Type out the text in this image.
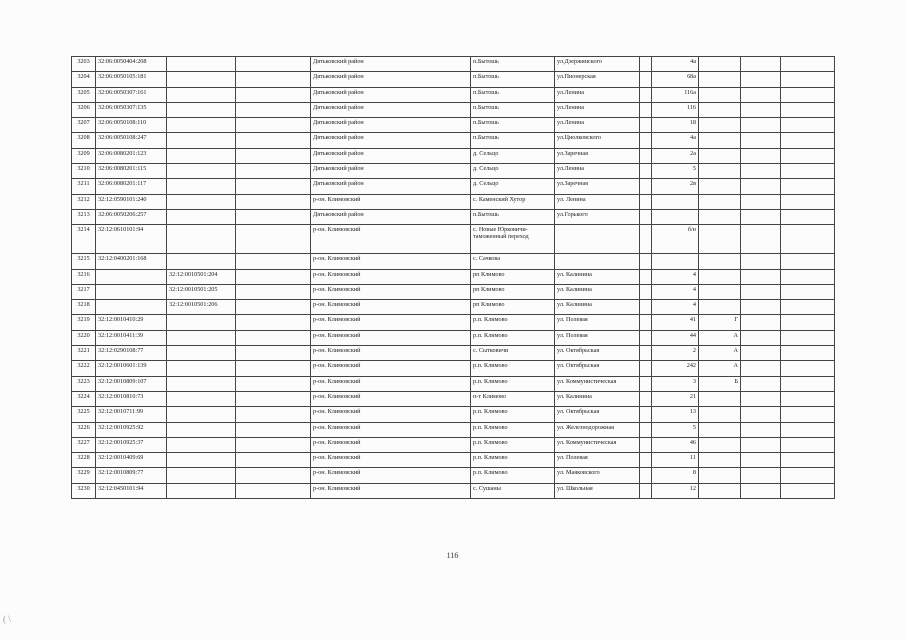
3203	32:06:0050404:208			Дятьковский район	п.Бытошь	ул.Дзержинского		4а			
3204	32:06:0050105:181			Дятьковский район	п.Бытошь	ул.Пионерская		68а			
3205	32:06:0050307:161			Дятьковский район	п.Бытошь	ул.Ленина		116а			
3206	32:06:0050307:135			Дятьковский район	п.Бытошь	ул.Ленина		116			
3207	32:06:0050108:110			Дятьковский район	п.Бытошь	ул.Ленина		18			
3208	32:06:0050108:247			Дятьковский район	п.Бытошь	ул.Циолковского		4а			
3209	32:06:0080201:123			Дятьковский район	д. Сельцо	ул.Заречная		2а			
3210	32:06:0080201:115			Дятьковский район	д. Сельцо	ул.Ленина		5			
3211	32:06:0080201:117			Дятьковский район	д. Сельцо	ул.Заречная		2в			
3212	32:12:0590101:240			р-он. Климовский	с. Каменский Хутор	ул. Ленина					
3213	32:06:0050206:257			Дятьковский район	п.Бытошь	ул.Горького					
3214	32:12:0610101:94			р-он. Климовский	с. Новые Юрковичи-таможенный переход			б/н			
3215	32:12:0400201:168			р-он. Климовский	с. Сачкова						
3216		32:12:0010501:204		р-он. Климовский	рп Климово	ул. Калинина		4			
3217		32:12:0010501:205		р-он. Климовский	рп Климово	ул. Калинина		4			
3218		32:12:0010501:206		р-он. Климовский	рп Климово	ул. Калинина		4			
3219	32:12:0010410:29			р-он. Климовский	р.п. Климово	ул. Полевая		41	Г		
3220	32:12:0010411:39			р-он. Климовский	р.п. Климово	ул. Полевая		44	А		
3221	32:12:0290108:77			р-он. Климовский	с. Сытковичи	ул. Октябрьская		2	А		
3222	32:12:0010601:139			р-он. Климовский	р.п. Климово	ул. Октябрьская		242	А		
3223	32:12:0010809:107			р-он. Климовский	р.п. Климово	ул. Коммунистическая		3	Б		
3224	32:12:0010810:73			р-он. Климовский	п-т Климово	ул. Калинина		21			
3225	32:12:0010711:99			р-он. Климовский	р.п. Климово	ул. Октябрьская		13			
3226	32:12:0010925:92			р-он. Климовский	р.п. Климово	ул. Железнодорожная		5			
3227	32:12:0010925:37			р-он. Климовский	р.п. Климово	ул. Коммунистическая		46			
3228	32:12:0010409:69			р-он. Климовский	р.п. Климово	ул. Полевая		11			
3229	32:12:0010809:77			р-он. Климовский	р.п. Климово	ул. Маяковского		8			
3230	32:12:0450101:94			р-он. Климовский	с. Сушаны	ул. Школьная		12			
116
( \
